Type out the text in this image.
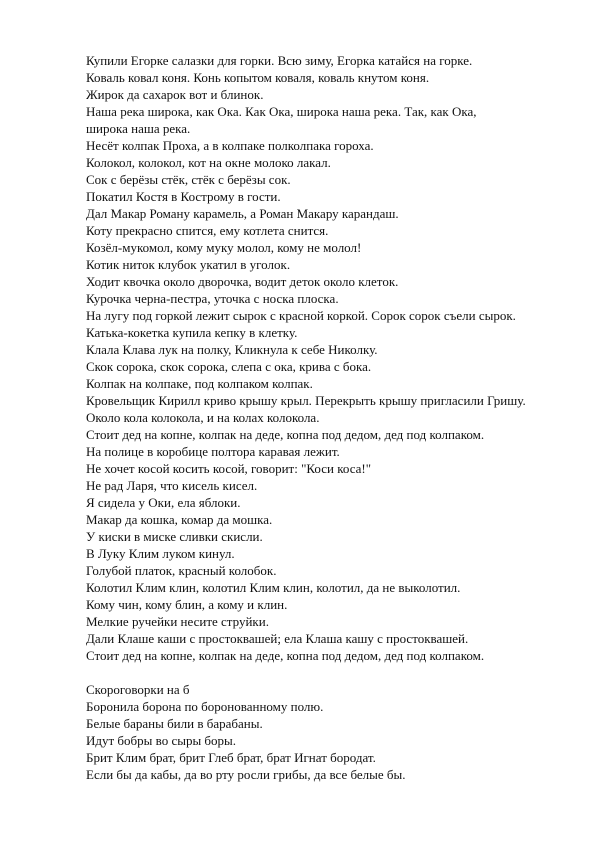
Купили Егорке салазки для горки. Всю зиму, Егорка катайся на горке.
Коваль ковал коня. Конь копытом коваля, коваль кнутом коня.
Жирок да сахарок вот и блинок.
Наша река широка, как Ока. Как Ока, широка наша река. Так, как Ока,
широка наша река.
Несёт колпак Проха, а в колпаке полколпака гороха.
Колокол, колокол, кот на окне молоко лакал.
Сок с берёзы стёк, стёк с берёзы сок.
Покатил Костя в Кострому в гости.
Дал Макар Роману карамель, а Роман Макару карандаш.
Коту прекрасно спится, ему котлета снится.
Козёл-мукомол, кому муку молол, кому не молол!
Котик ниток клубок укатил в уголок.
Ходит квочка около дворочка, водит деток около клеток.
Курочка черна-пестра, уточка с носка плоска.
На лугу под горкой лежит сырок с красной коркой. Сорок сорок съели сырок.
Катька-кокетка купила кепку в клетку.
Клала Клава лук на полку, Кликнула к себе Николку.
Скок сорока, скок сорока, слепа с ока, крива с бока.
Колпак на колпаке, под колпаком колпак.
Кровельщик Кирилл криво крышу крыл. Перекрыть крышу пригласили Гришу.
Около кола колокола, и на колах колокола.
Стоит дед на копне, колпак на деде, копна под дедом, дед под колпаком.
На полице в коробице полтора каравая лежит.
Не хочет косой косить косой, говорит: "Коси коса!"
Не рад Ларя, что кисель кисел.
Я сидела у Оки, ела яблоки.
Макар да кошка, комар да мошка.
У киски в миске сливки скисли.
В Луку Клим луком кинул.
Голубой платок, красный колобок.
Колотил Клим клин, колотил Клим клин, колотил, да не выколотил.
Кому чин, кому блин, а кому и клин.
Мелкие ручейки несите струйки.
Дали Клаше каши с простоквашей; ела Клаша кашу с простоквашей.
Стоит дед на копне, колпак на деде, копна под дедом, дед под колпаком.
Скороговорки на б
Боронила борона по боронованному полю.
Белые бараны били в барабаны.
Идут бобры во сыры боры.
Брит Клим брат, брит Глеб брат, брат Игнат бородат.
Если бы да кабы, да во рту росли грибы, да все белые бы.
